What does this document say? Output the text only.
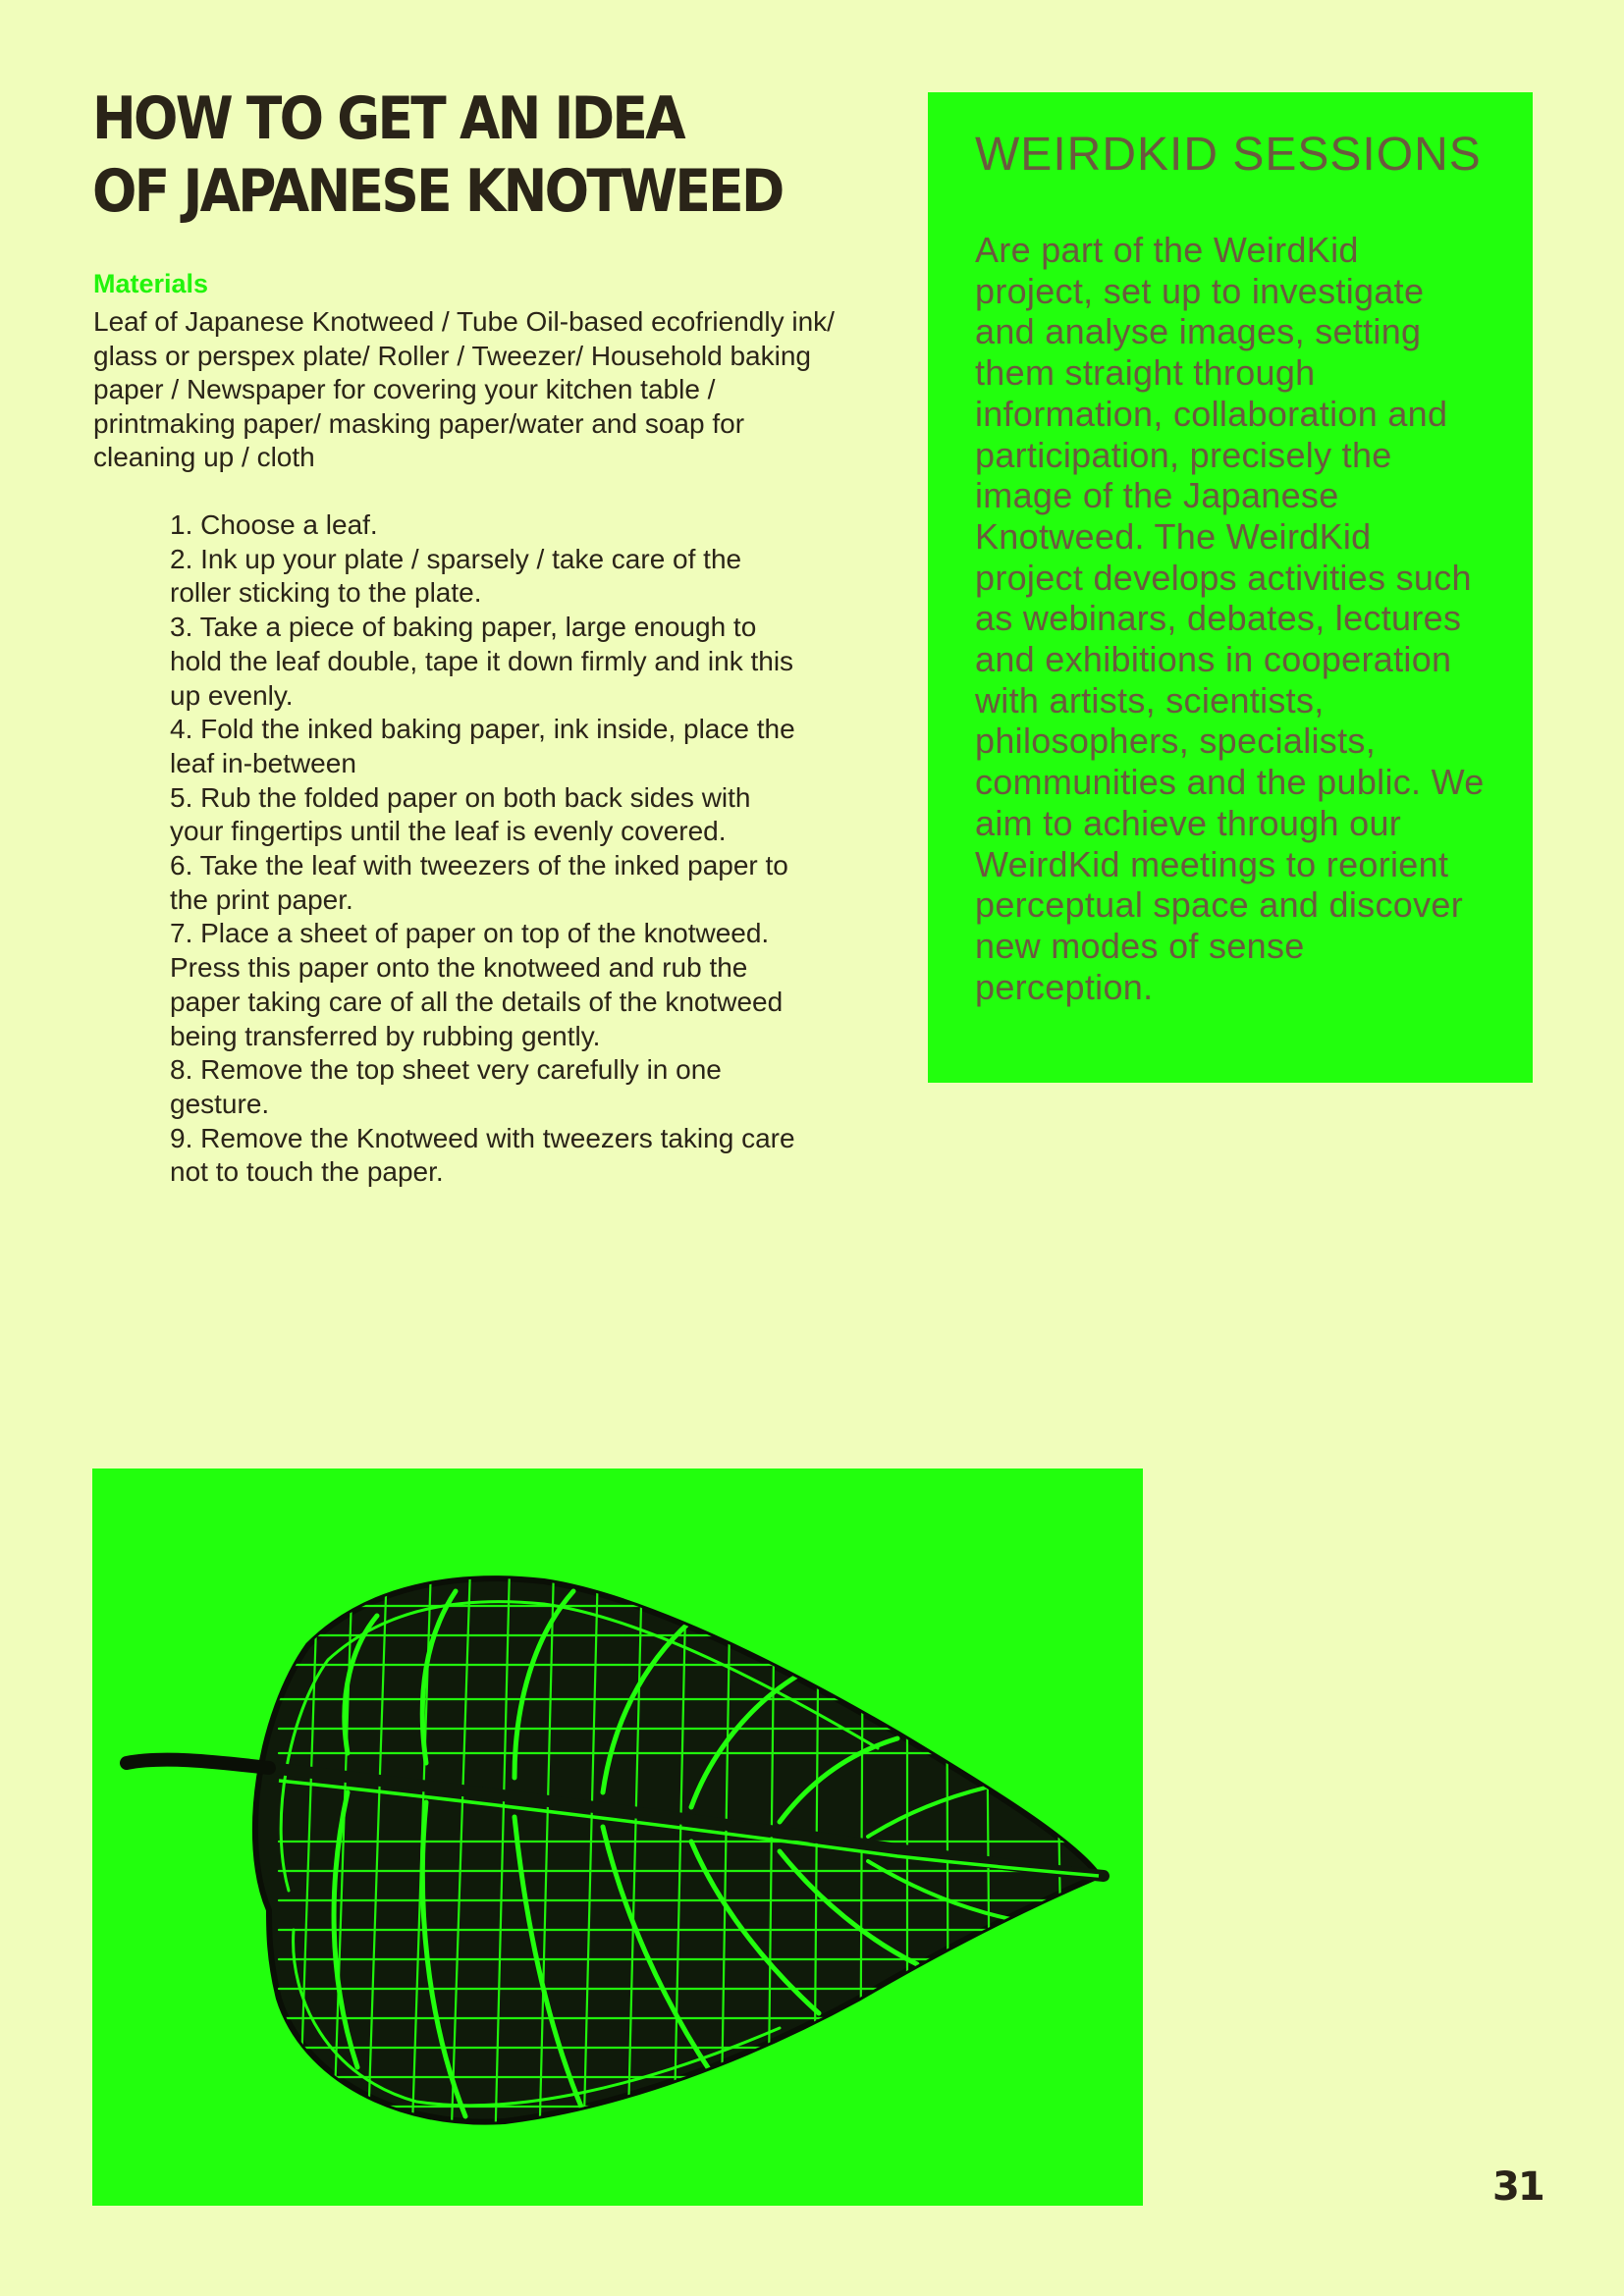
HOW TO GET AN IDEA
OF JAPANESE KNOTWEED
Materials

Leaf of Japanese Knotweed / Tube Oil-based ecofriendly ink/ glass or perspex plate/ Roller / Tweezer/ Household baking paper / Newspaper for covering your kitchen table / printmaking paper/ masking paper/water and soap for cleaning up / cloth

1. Choose a leaf.
2. Ink up your plate / sparsely / take care of the roller sticking to the plate.
3. Take a piece of baking paper, large enough to hold the leaf double, tape it down firmly and ink this up evenly.
4. Fold the inked baking paper, ink inside, place the leaf in-between
5. Rub the folded paper on both back sides with your fingertips until the leaf is evenly covered.
6. Take the leaf with tweezers of the inked paper to the print paper.
7. Place a sheet of paper on top of the knotweed. Press this paper onto the knotweed and rub the paper taking care of all the details of the knotweed being transferred by rubbing gently.
8. Remove the top sheet very carefully in one gesture.
9. Remove the Knotweed with tweezers taking care not to touch the paper.
WEIRDKID SESSIONS

Are part of the WeirdKid project, set up to investigate and analyse images, setting them straight through information, collaboration and participation, precisely the image of the Japanese Knotweed. The WeirdKid project develops activities such as webinars, debates, lectures and exhibitions in cooperation with artists, scientists, philosophers, specialists, communities and the public. We aim to achieve through our WeirdKid meetings to reorient perceptual space and discover new modes of sense perception.

31
